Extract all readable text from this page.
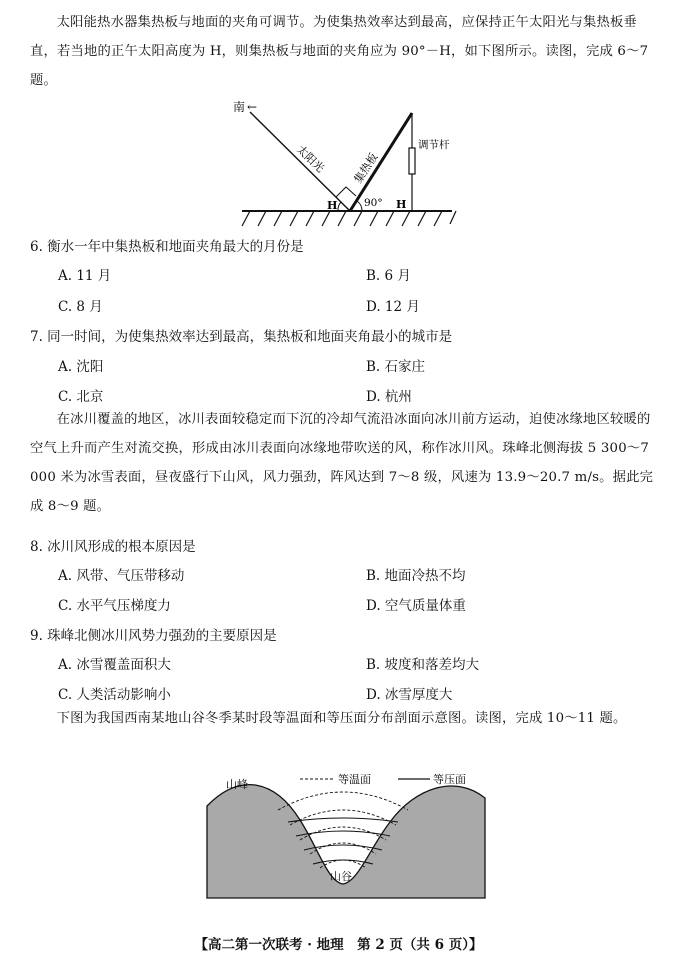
太阳能热水器集热板与地面的夹角可调节。为使集热效率达到最高，应保持正午太阳光与集热板垂直，若当地的正午太阳高度为 H，则集热板与地面的夹角应为 90°－H，如下图所示。读图，完成 6～7 题。

南 ←
太阳光 集热板
调节杆
H	90° H

6. 衡水一年中集热板和地面夹角最大的月份是

A. 11 月	B. 6 月

C. 8 月	D. 12 月

7. 同一时间，为使集热效率达到最高，集热板和地面夹角最小的城市是

A. 沈阳	B. 石家庄

C. 北京	D. 杭州

在冰川覆盖的地区，冰川表面较稳定而下沉的冷却气流沿冰面向冰川前方运动，迫使冰缘地区较暖的空气上升而产生对流交换，形成由冰川表面向冰缘地带吹送的风，称作冰川风。珠峰北侧海拔 5 300～7 000 米为冰雪表面，昼夜盛行下山风，风力强劲，阵风达到 7～8 级，风速为 13.9～20.7 m/s。据此完成 8～9 题。

8. 冰川风形成的根本原因是

A. 风带、气压带移动	B. 地面冷热不均

C. 水平气压梯度力	D. 空气质量体重

9. 珠峰北侧冰川风势力强劲的主要原因是

A. 冰雪覆盖面积大	B. 坡度和落差均大

C. 人类活动影响小	D. 冰雪厚度大

下图为我国西南某地山谷冬季某时段等温面和等压面分布剖面示意图。读图，完成 10～11 题。

等温面	等压面
山峰
山谷

【高二第一次联考 · 地理　第 2 页（共 6 页）】
